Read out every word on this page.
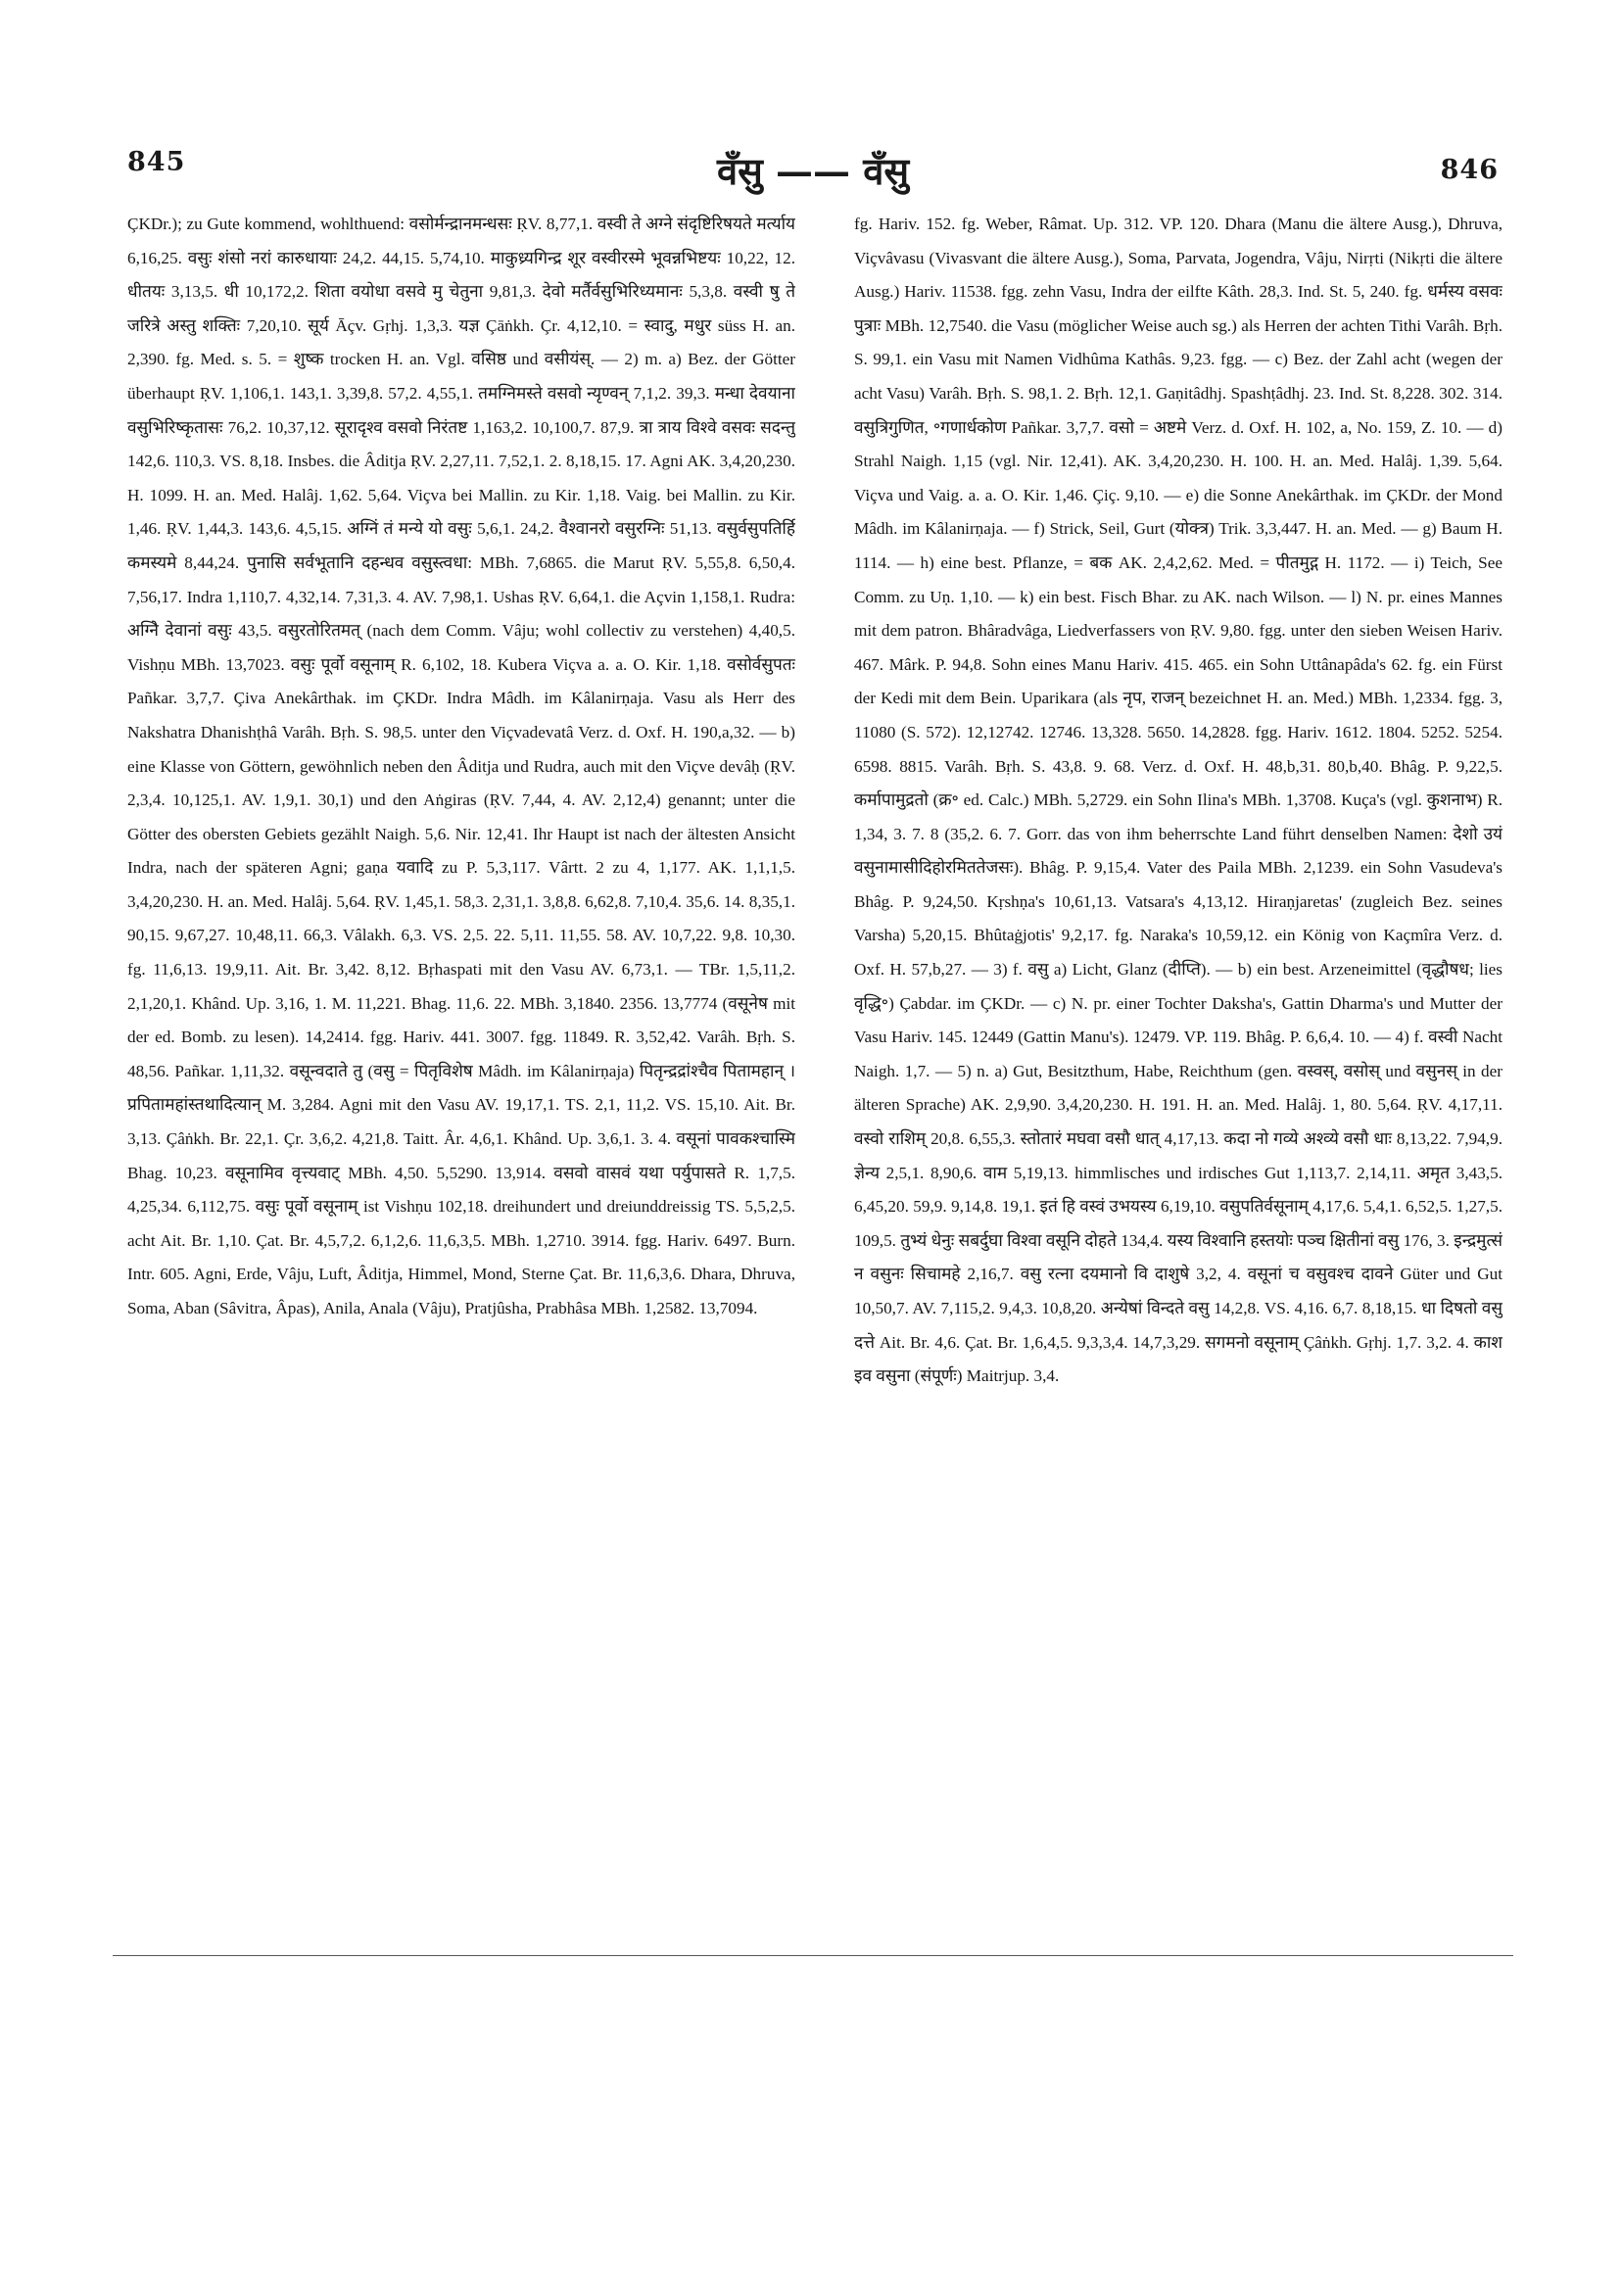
845	वँसु —— वँसु	846

ÇKDr.); zu Gute kommend, wohlthuend: वसोर्मन्द्रानमन्धसः ṚV. 8,77,1. वस्वी ते अग्ने संदृष्टिरिषयते मर्त्याय 6,16,25. वसुः शंसो नरां कारुधायाः 24,2. 44,15. 5,74,10. माकुध्र्यगिन्द्र शूर वस्वीरस्मे भूवन्नभिष्टयः 10,22, 12. धीतयः 3,13,5. धी 10,172,2. शिता वयोधा वसवे मु चेतुना 9,81,3. देवो मर्तैर्वसुभिरिध्यमानः 5,3,8. वस्वी षु ते जरित्रे अस्तु शक्तिः 7,20,10. सूर्य Āçv. Gṛhj. 1,3,3. यज्ञ Çāṅkh. Çr. 4,12,10. = स्वादु, मधुर süss H. an. 2,390. fg. Med. s. 5. = शुष्क trocken H. an. Vgl. वसिष्ठ und वसीयंस्. — 2) m. a) Bez. der Götter überhaupt ṚV. 1,106,1. 143,1. 3,39,8. 57,2. 4,55,1. तमग्निमस्ते वसवो न्यृण्वन् 7,1,2. 39,3. मन्धा देवयाना वसुभिरिष्कृतासः 76,2. 10,37,12. सूरादृश्व वसवो निरंतष्ट 1,163,2. 10,100,7. 87,9. त्रा त्राय विश्वे वसवः सदन्तु 142,6. 110,3. VS. 8,18. Insbes. die Âditja ṚV. 2,27,11. 7,52,1. 2. 8,18,15. 17. Agni AK. 3,4,20,230. H. 1099. H. an. Med. Halâj. 1,62. 5,64. Viçva bei Mallin. zu Kir. 1,18. Vaig. bei Mallin. zu Kir. 1,46. ṚV. 1,44,3. 143,6. 4,5,15. अग्निं तं मन्ये यो वसुः 5,6,1. 24,2. वैश्वानरो वसुरग्निः 51,13. वसुर्वसुपतिर्हि कमस्यमे 8,44,24. पुनासि सर्वभूतानि दहन्धव वसुस्त्वधा: MBh. 7,6865. die Marut ṚV. 5,55,8. 6,50,4. 7,56,17. Indra 1,110,7. 4,32,14. 7,31,3. 4. AV. 7,98,1. Ushas ṚV. 6,64,1. die Açvin 1,158,1. Rudra: अग्नेि देवानां वसुः 43,5. वसुरतोरितमत् (nach dem Comm. Vâju; wohl collectiv zu verstehen) 4,40,5. Vishṇu MBh. 13,7023. वसुः पूर्वो वसूनाम् R. 6,102, 18. Kubera Viçva a. a. O. Kir. 1,18. वसोर्वसुपतः Pañkar. 3,7,7. Çiva Anekârthak. im ÇKDr. Indra Mâdh. im Kâlanirṇaja. Vasu als Herr des Nakshatra Dhanishṭhâ Varâh. Bṛh. S. 98,5. unter den Viçvadevatâ Verz. d. Oxf. H. 190,a,32. — b) eine Klasse von Göttern, gewöhnlich neben den Âditja und Rudra, auch mit den Viçve devâḥ (ṚV. 2,3,4. 10,125,1. AV. 1,9,1. 30,1) und den Aṅgiras (ṚV. 7,44, 4. AV. 2,12,4) genannt; unter die Götter des obersten Gebiets gezählt Naigh. 5,6. Nir. 12,41. Ihr Haupt ist nach der ältesten Ansicht Indra, nach der späteren Agni; gaṇa यवादि zu P. 5,3,117. Vârtt. 2 zu 4, 1,177. AK. 1,1,1,5. 3,4,20,230. H. an. Med. Halâj. 5,64. ṚV. 1,45,1. 58,3. 2,31,1. 3,8,8. 6,62,8. 7,10,4. 35,6. 14. 8,35,1. 90,15. 9,67,27. 10,48,11. 66,3. Vâlakh. 6,3. VS. 2,5. 22. 5,11. 11,55. 58. AV. 10,7,22. 9,8. 10,30. fg. 11,6,13. 19,9,11. Ait. Br. 3,42. 8,12. Bṛhaspati mit den Vasu AV. 6,73,1. — TBr. 1,5,11,2. 2,1,20,1. Khând. Up. 3,16, 1. M. 11,221. Bhag. 11,6. 22. MBh. 3,1840. 2356. 13,7774 (वसूनेष mit der ed. Bomb. zu lesen). 14,2414. fgg. Hariv. 441. 3007. fgg. 11849. R. 3,52,42. Varâh. Bṛh. S. 48,56. Pañkar. 1,11,32. वसून्वदाते तु (वसु = पितृविशेष Mâdh. im Kâlanirṇaja) पितृन्द्रद्रांश्चैव पितामहान् । प्रपितामहांस्तथादित्यान् M. 3,284. Agni mit den Vasu AV. 19,17,1. TS. 2,1, 11,2. VS. 15,10. Ait. Br. 3,13. Çâṅkh. Br. 22,1. Çr. 3,6,2. 4,21,8. Taitt. Âr. 4,6,1. Khând. Up. 3,6,1. 3. 4. वसूनां पावकश्चास्मि Bhag. 10,23. वसूनामिव वृत्त्यवाट् MBh. 4,50. 5,5290. 13,914. वसवो वासवं यथा पर्युपासते R. 1,7,5. 4,25,34. 6,112,75. वसुः पूर्वो वसूनाम् ist Vishṇu 102,18. dreihundert und dreiunddreissig TS. 5,5,2,5. acht Ait. Br. 1,10. Çat. Br. 4,5,7,2. 6,1,2,6. 11,6,3,5. MBh. 1,2710. 3914. fgg. Hariv. 6497. Burn. Intr. 605. Agni, Erde, Vâju, Luft, Âditja, Himmel, Mond, Sterne Çat. Br. 11,6,3,6. Dhara, Dhruva, Soma, Aban (Sâvitra, Âpas), Anila, Anala (Vâju), Pratjûsha, Prabhâsa MBh. 1,2582. 13,7094.

fg. Hariv. 152. fg. Weber, Râmat. Up. 312. VP. 120. Dhara (Manu die ältere Ausg.), Dhruva, Viçvâvasu (Vivasvant die ältere Ausg.), Soma, Parvata, Jogendra, Vâju, Nirṛti (Nikṛti die ältere Ausg.) Hariv. 11538. fgg. zehn Vasu, Indra der eilfte Kâth. 28,3. Ind. St. 5, 240. fg. धर्मस्य वसवः पुत्राः MBh. 12,7540. die Vasu (möglicher Weise auch sg.) als Herren der achten Tithi Varâh. Bṛh. S. 99,1. ein Vasu mit Namen Vidhûma Kathâs. 9,23. fgg. — c) Bez. der Zahl acht (wegen der acht Vasu) Varâh. Bṛh. S. 98,1. 2. Bṛh. 12,1. Gaṇitâdhj. Spashṭâdhj. 23. Ind. St. 8,228. 302. 314. वसुत्रिगुणित, ॰गणार्धकोण Pañkar. 3,7,7. वसो = अष्टमे Verz. d. Oxf. H. 102, a, No. 159, Z. 10. — d) Strahl Naigh. 1,15 (vgl. Nir. 12,41). AK. 3,4,20,230. H. 100. H. an. Med. Halâj. 1,39. 5,64. Viçva und Vaig. a. a. O. Kir. 1,46. Çiç. 9,10. — e) die Sonne Anekârthak. im ÇKDr. der Mond Mâdh. im Kâlanirṇaja. — f) Strick, Seil, Gurt (योक्त्र) Trik. 3,3,447. H. an. Med. — g) Baum H. 1114. — h) eine best. Pflanze, = बक AK. 2,4,2,62. Med. = पीतमुद्ग H. 1172. — i) Teich, See Comm. zu Uṇ. 1,10. — k) ein best. Fisch Bhar. zu AK. nach Wilson. — l) N. pr. eines Mannes mit dem patron. Bhâradvâga, Liedverfassers von ṚV. 9,80. fgg. unter den sieben Weisen Hariv. 467. Mârk. P. 94,8. Sohn eines Manu Hariv. 415. 465. ein Sohn Uttânapâda's 62. fg. ein Fürst der Kedi mit dem Bein. Uparikara (als नृप, राजन् bezeichnet H. an. Med.) MBh. 1,2334. fgg. 3, 11080 (S. 572). 12,12742. 12746. 13,328. 5650. 14,2828. fgg. Hariv. 1612. 1804. 5252. 5254. 6598. 8815. Varâh. Bṛh. S. 43,8. 9. 68. Verz. d. Oxf. H. 48,b,31. 80,b,40. Bhâg. P. 9,22,5. कर्मापामुद्रतो (क्र॰ ed. Calc.) MBh. 5,2729. ein Sohn Ilina's MBh. 1,3708. Kuça's (vgl. कुशनाभ) R. 1,34, 3. 7. 8 (35,2. 6. 7. Gorr. das von ihm beherrschte Land führt denselben Namen: देशो उयं वसुनामासीदिहोरमिततेजसः). Bhâg. P. 9,15,4. Vater des Paila MBh. 2,1239. ein Sohn Vasudeva's Bhâg. P. 9,24,50. Kṛshṇa's 10,61,13. Vatsara's 4,13,12. Hiraṇjaretas' (zugleich Bez. seines Varsha) 5,20,15. Bhûtaġjotis' 9,2,17. fg. Naraka's 10,59,12. ein König von Kaçmîra Verz. d. Oxf. H. 57,b,27. — 3) f. वसु a) Licht, Glanz (दीप्ति). — b) ein best. Arzeneimittel (वृद्धौषध; lies वृद्धि॰) Çabdar. im ÇKDr. — c) N. pr. einer Tochter Daksha's, Gattin Dharma's und Mutter der Vasu Hariv. 145. 12449 (Gattin Manu's). 12479. VP. 119. Bhâg. P. 6,6,4. 10. — 4) f. वस्वी Nacht Naigh. 1,7. — 5) n. a) Gut, Besitzthum, Habe, Reichthum (gen. वस्वस्, वसोस् und वसुनस् in der älteren Sprache) AK. 2,9,90. 3,4,20,230. H. 191. H. an. Med. Halâj. 1, 80. 5,64. ṚV. 4,17,11. वस्वो राशिम् 20,8. 6,55,3. स्तोतारं मघवा वसौ धात् 4,17,13. कदा नो गव्ये अश्व्ये वसौ धाः 8,13,22. 7,94,9. ज्ञेन्य 2,5,1. 8,90,6. वाम 5,19,13. himmlisches und irdisches Gut 1,113,7. 2,14,11. अमृत 3,43,5. 6,45,20. 59,9. 9,14,8. 19,1. इतं हि वस्वं उभयस्य 6,19,10. वसुपतिर्वसूनाम् 4,17,6. 5,4,1. 6,52,5. 1,27,5. 109,5. तुभ्यं धेनुः सबर्दुघा विश्वा वसूनि दोहते 134,4. यस्य विश्वानि हस्तयोः पञ्च क्षितीनां वसु 176, 3. इन्द्रमुत्सं न वसुनः सिचामहे 2,16,7. वसु रत्ना दयमानो वि दाशुषे 3,2, 4. वसूनां च वसुवश्च दावने Güter und Gut 10,50,7. AV. 7,115,2. 9,4,3. 10,8,20. अन्येषां विन्दते वसु 14,2,8. VS. 4,16. 6,7. 8,18,15. धा दिषतो वसु दत्ते Ait. Br. 4,6. Çat. Br. 1,6,4,5. 9,3,3,4. 14,7,3,29. सगमनो वसूनाम् Çâṅkh. Gṛhj. 1,7. 3,2. 4. काश इव वसुना (संपूर्णः) Maitrjup. 3,4.
